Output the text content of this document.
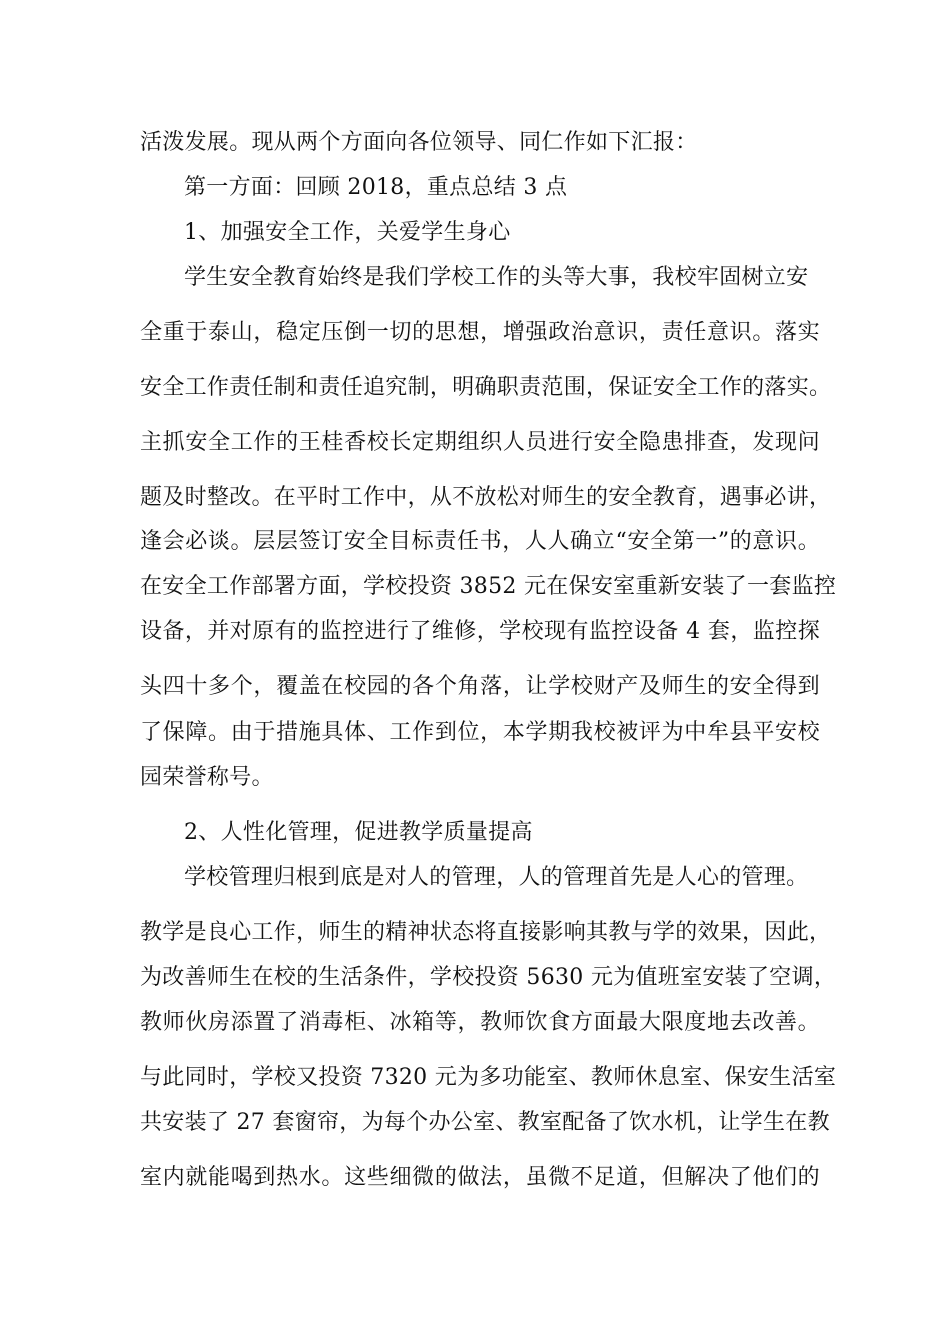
活泼发展。现从两个方面向各位领导、同仁作如下汇报：
第一方面：回顾 2018，重点总结 3 点
1、加强安全工作，关爱学生身心
学生安全教育始终是我们学校工作的头等大事，我校牢固树立安
全重于泰山，稳定压倒一切的思想，增强政治意识，责任意识。落实
安全工作责任制和责任追究制，明确职责范围，保证安全工作的落实。
主抓安全工作的王桂香校长定期组织人员进行安全隐患排查，发现问
题及时整改。在平时工作中，从不放松对师生的安全教育，遇事必讲，
逢会必谈。层层签订安全目标责任书，人人确立“安全第一”的意识。
在安全工作部署方面，学校投资 3852 元在保安室重新安装了一套监控
设备，并对原有的监控进行了维修，学校现有监控设备 4 套，监控探
头四十多个，覆盖在校园的各个角落，让学校财产及师生的安全得到
了保障。由于措施具体、工作到位，本学期我校被评为中牟县平安校
园荣誉称号。
2、人性化管理，促进教学质量提高
学校管理归根到底是对人的管理，人的管理首先是人心的管理。
教学是良心工作，师生的精神状态将直接影响其教与学的效果，因此，
为改善师生在校的生活条件，学校投资 5630 元为值班室安装了空调，
教师伙房添置了消毒柜、冰箱等，教师饮食方面最大限度地去改善。
与此同时，学校又投资 7320 元为多功能室、教师休息室、保安生活室
共安装了 27 套窗帘，为每个办公室、教室配备了饮水机，让学生在教
室内就能喝到热水。这些细微的做法，虽微不足道，但解决了他们的
